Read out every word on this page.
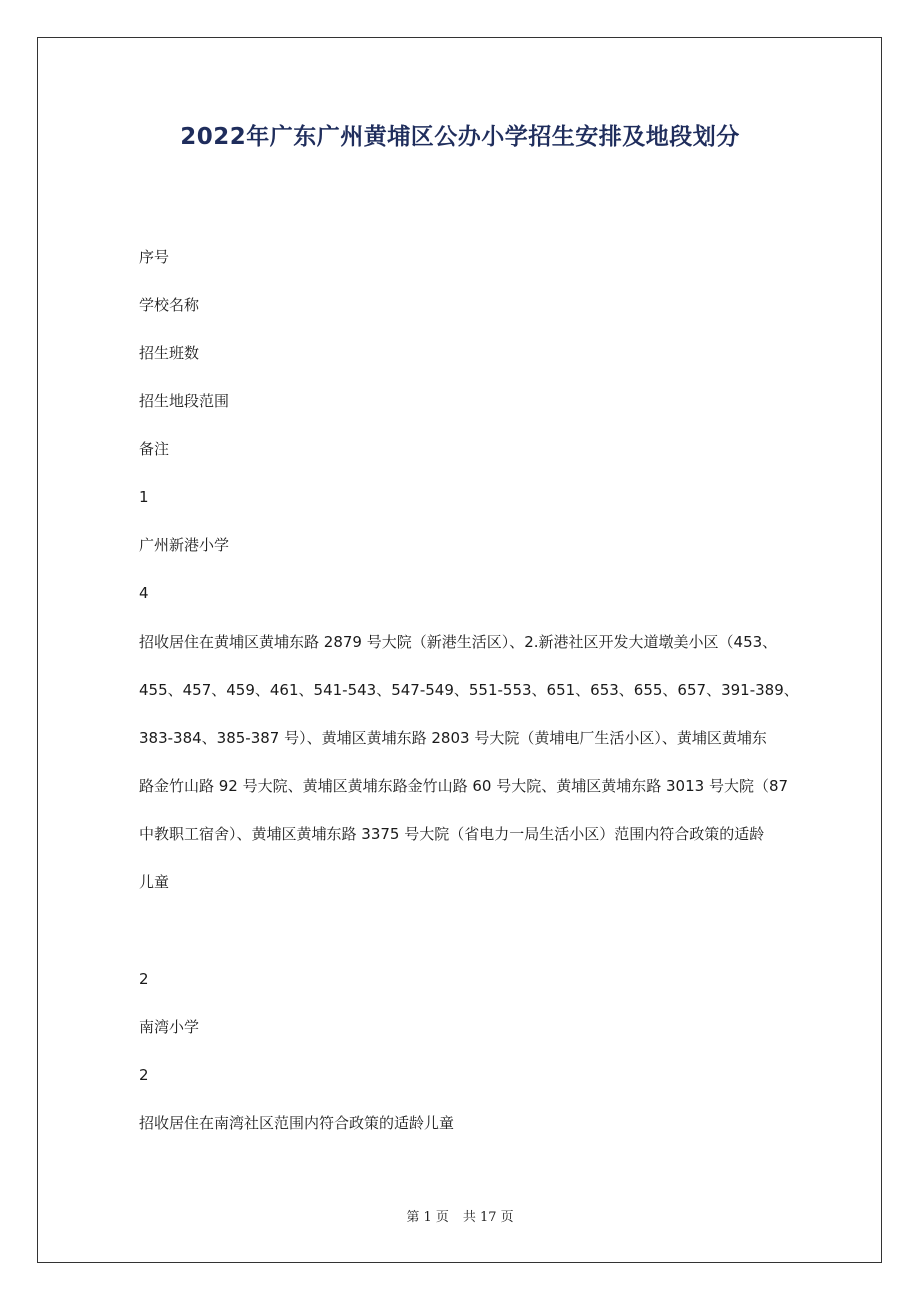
2022年广东广州黄埔区公办小学招生安排及地段划分

序号

学校名称

招生班数

招生地段范围

备注

1

广州新港小学

4

招收居住在黄埔区黄埔东路 2879 号大院（新港生活区）、2.新港社区开发大道墩美小区（453、

455、457、459、461、541-543、547-549、551-553、651、653、655、657、391-389、

383-384、385-387 号）、黄埔区黄埔东路 2803 号大院（黄埔电厂生活小区）、黄埔区黄埔东

路金竹山路 92 号大院、黄埔区黄埔东路金竹山路 60 号大院、黄埔区黄埔东路 3013 号大院（87

中教职工宿舍）、黄埔区黄埔东路 3375 号大院（省电力一局生活小区）范围内符合政策的适龄

儿童

2

南湾小学

2

招收居住在南湾社区范围内符合政策的适龄儿童

第 1 页 共 17 页
